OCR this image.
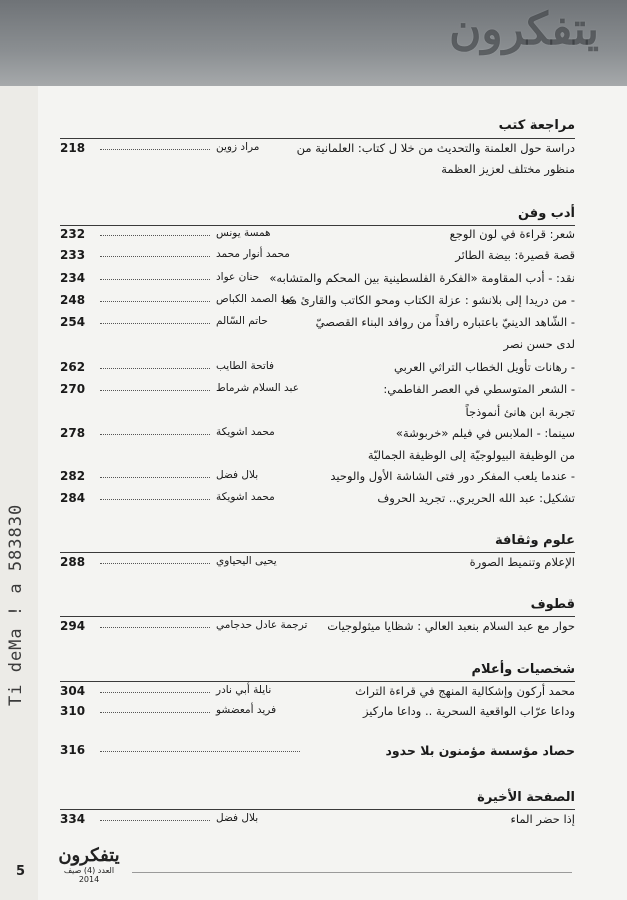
يتفكرون
Ti deMa ! a 583830
مراجعة كتب
دراسة حول العلمنة والتحديث من خلا ل كتاب: العلمانية من
مراد زوين
218
منظور مختلف لعزيز العظمة
أدب وفن
شعر: قراءة في لون الوجع
همسة يونس
232
قصة قصيرة: بيضة الطائر
محمد أنوار محمد
233
نقد: - أدب المقاومة «الفكرة الفلسطينية بين المحكم والمتشابه»
حنان عواد
234
- من دريدا إلى بلانشو : عزلة الكتاب ومحو الكاتب والقارئ معا
عبد الصمد الكباص
248
- الشّاهد الدينيّ باعتباره رافداً من روافد البناء القصصيّ
حاتم السّالم
254
لدى حسن نصر
- رهانات تأويل الخطاب التراثي العربي
فاتحة الطايب
262
- الشعر المتوسطي في العصر الفاطمي:
عبد السلام شرماط
270
تجربة ابن هانئ أنموذجاً
سينما: - الملابس في فيلم «خربوشة»
محمد اشويكة
278
من الوظيفة البيولوجيّة إلى الوظيفة الجماليّة
- عندما يلعب المفكر دور فتى الشاشة الأول والوحيد
بلال فضل
282
تشكيل: عبد الله الحريري.. تجريد الحروف
محمد اشويكة
284
علوم وثقافة
الإعلام وتنميط الصورة
يحيى اليحياوي
288
قطوف
حوار مع عبد السلام بنعبد العالي : شظايا ميثولوجيات
ترجمة عادل حدجامي
294
شخصيات وأعلام
محمد أركون وإشكالية المنهج في قراءة التراث
نايلة أبي نادر
304
وداعا عرّاب الواقعية السحرية .. وداعا ماركيز
فريد أمعضشو
310
حصاد مؤسسة مؤمنون بلا حدود
316
الصفحة الأخيرة
إذا حضر الماء
بلال فضل
334
يتفكرون
العدد (4) صيف 2014
5
